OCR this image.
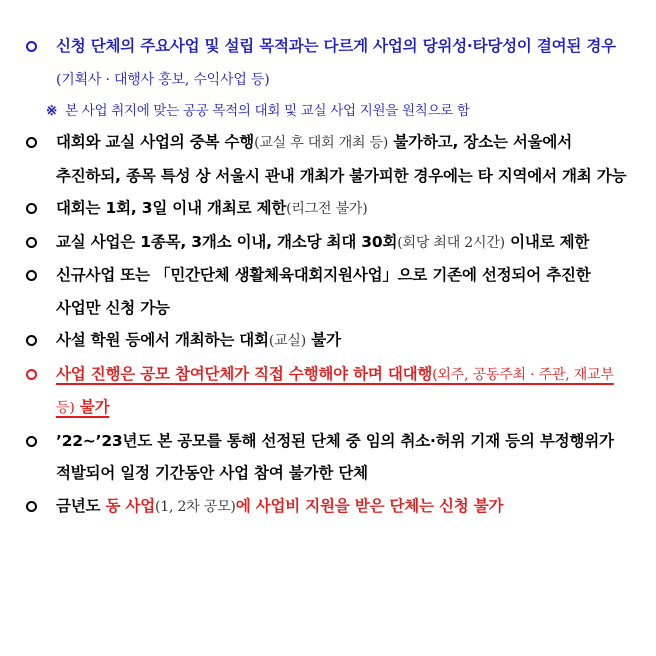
신청 단체의 주요사업 및 설립 목적과는 다르게 사업의 당위성·타당성이 결여된 경우(기획사 · 대행사 홍보, 수익사업 등)
※ 본 사업 취지에 맞는 공공 목적의 대회 및 교실 사업 지원을 원칙으로 함
대회와 교실 사업의 중복 수행(교실 후 대회 개최 등) 불가하고, 장소는 서울에서 추진하되, 종목 특성 상 서울시 관내 개최가 불가피한 경우에는 타 지역에서 개최 가능
대회는 1회, 3일 이내 개최로 제한(리그전 불가)
교실 사업은 1종목, 3개소 이내, 개소당 최대 30회(회당 최대 2시간) 이내로 제한
신규사업 또는 「민간단체 생활체육대회지원사업」으로 기존에 선정되어 추진한 사업만 신청 가능
사설 학원 등에서 개최하는 대회(교실) 불가
사업 진행은 공모 참여단체가 직접 수행해야 하며 대대행(외주, 공동주최 · 주관, 재교부 등) 불가
’22~’23년도 본 공모를 통해 선정된 단체 중 임의 취소·허위 기재 등의 부정행위가 적발되어 일정 기간동안 사업 참여 불가한 단체
금년도 동 사업(1, 2차 공모)에 사업비 지원을 받은 단체는 신청 불가
